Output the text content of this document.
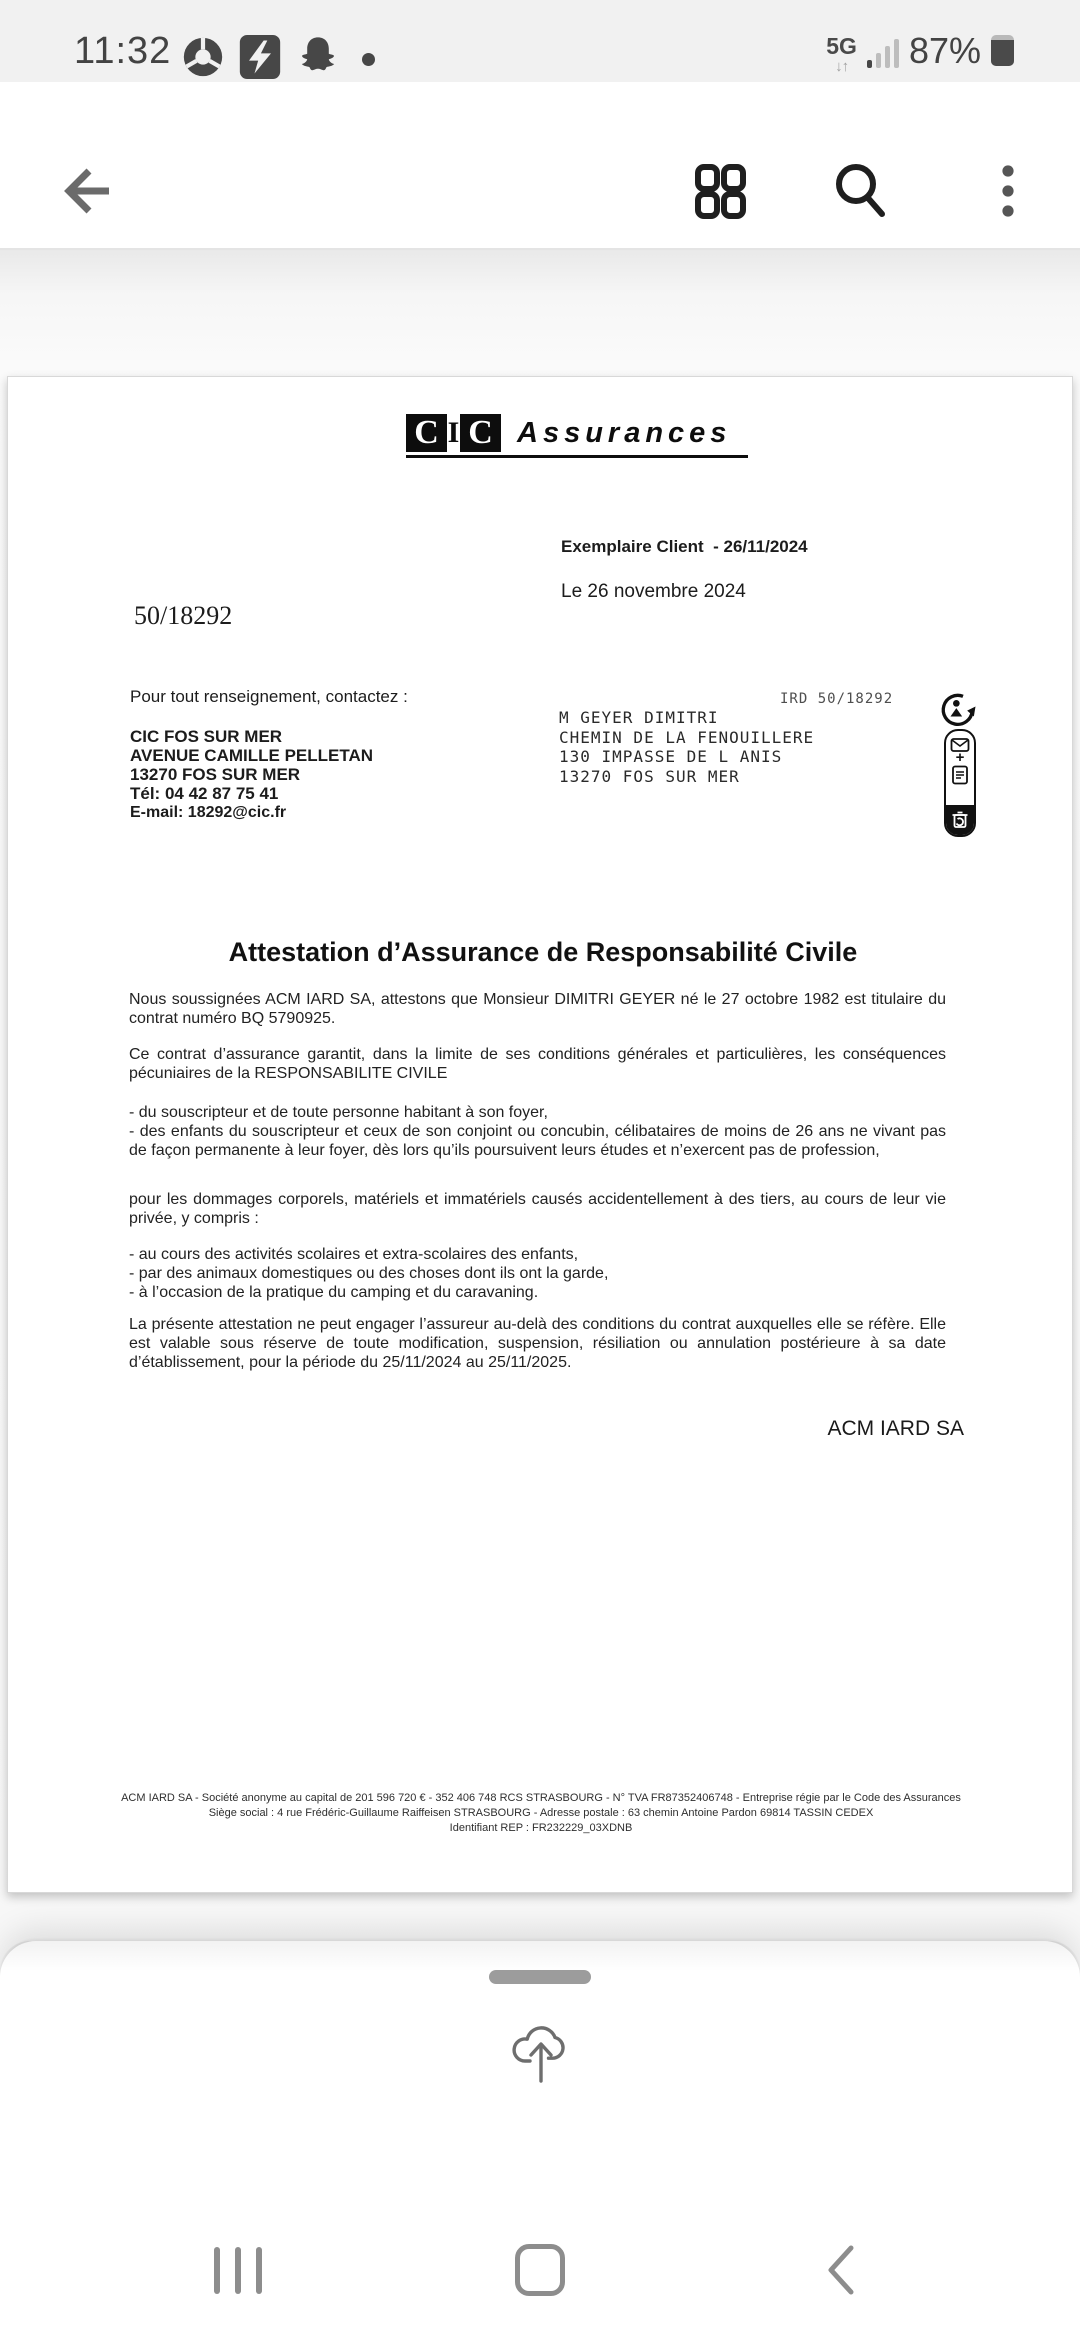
11:32	5G
↓↑ 87%
C I C Assurances
Exemplaire Client  - 26/11/2024
Le 26 novembre 2024
50/18292
Pour tout renseignement, contactez :
CIC FOS SUR MER
AVENUE CAMILLE PELLETAN
13270 FOS SUR MER
Tél: 04 42 87 75 41
E-mail: 18292@cic.fr
IRD 50/18292
M GEYER DIMITRI
CHEMIN DE LA FENOUILLERE
130 IMPASSE DE L ANIS
13270 FOS SUR MER
+
Attestation d’Assurance de Responsabilité Civile
Nous soussignées ACM IARD SA, attestons que Monsieur DIMITRI GEYER né le 27 octobre 1982 est titulaire du contrat numéro BQ 5790925.
Ce contrat d’assurance garantit, dans la limite de ses conditions générales et particulières, les conséquences pécuniaires de la RESPONSABILITE CIVILE
- du souscripteur et de toute personne habitant à son foyer,
- des enfants du souscripteur et ceux de son conjoint ou concubin, célibataires de moins de 26 ans ne vivant pas de façon permanente à leur foyer, dès lors qu’ils poursuivent leurs études et n’exercent pas de profession,
pour les dommages corporels, matériels et immatériels causés accidentellement à des tiers, au cours de leur vie privée, y compris :
- au cours des activités scolaires et extra-scolaires des enfants,
- par des animaux domestiques ou des choses dont ils ont la garde,
- à l’occasion de la pratique du camping et du caravaning.
La présente attestation ne peut engager l’assureur au-delà des conditions du contrat auxquelles elle se réfère. Elle est valable sous réserve de toute modification, suspension, résiliation ou annulation postérieure à sa date d’établissement, pour la période du 25/11/2024 au 25/11/2025.
ACM IARD SA
ACM IARD SA - Société anonyme au capital de 201 596 720 € - 352 406 748 RCS STRASBOURG - N° TVA FR87352406748 - Entreprise régie par le Code des Assurances
Siège social : 4 rue Frédéric-Guillaume Raiffeisen STRASBOURG - Adresse postale : 63 chemin Antoine Pardon 69814 TASSIN CEDEX
Identifiant REP : FR232229_03XDNB
